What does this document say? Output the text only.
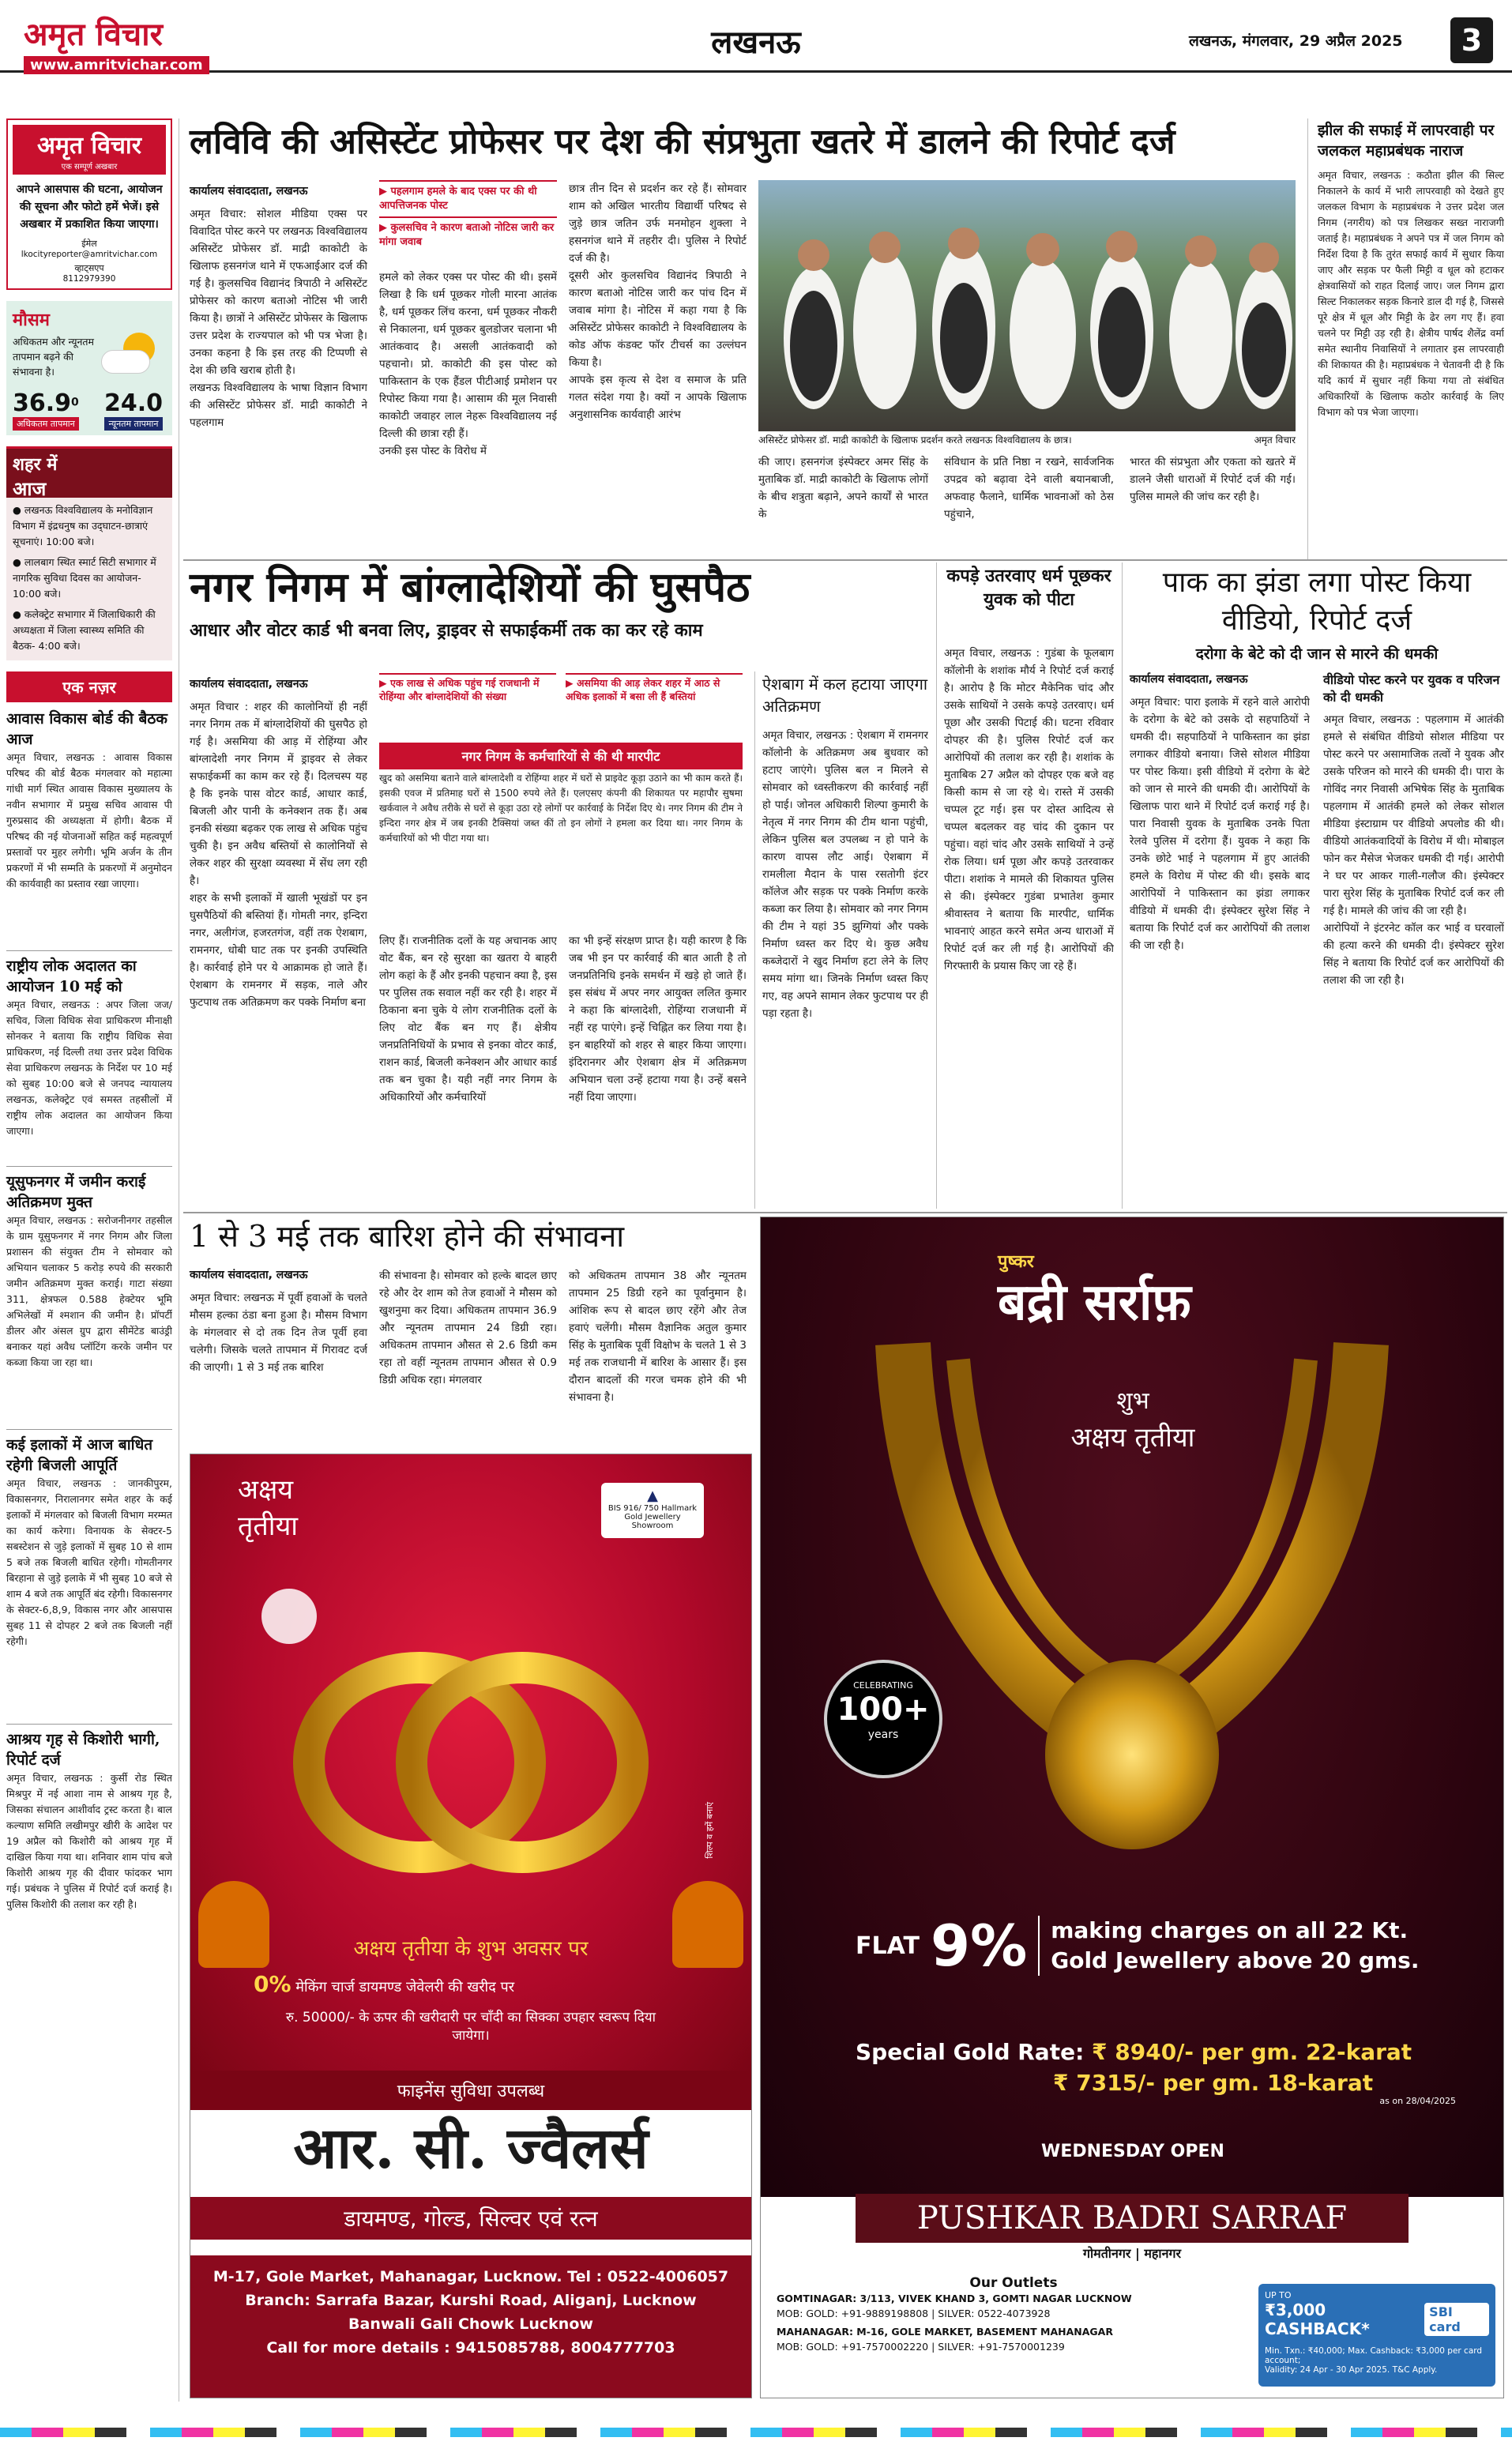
अमृत विचार
www.amritvichar.com
लखनऊ	लखनऊ, मंगलवार, 29 अप्रैल 2025	3
अमृत विचार
एक सम्पूर्ण अखबार
आपने आसपास की घटना, आयोजन की सूचना और फोटो हमें भेजें। इसे अखबार में प्रकाशित किया जाएगा।
ईमेल
lkocityreporter@amritvichar.com
व्हाट्सएप
8112979390
मौसम
अधिकतम और न्यूनतम तापमान बढ़ने की संभावना है।
36.9$^0$
अधिकतम तापमान
24.0
न्यूनतम तापमान
शहर में
आज
● लखनऊ विश्वविद्यालय के मनोविज्ञान विभाग में इंद्रधनुष का उद्‌घाटन-छात्राएं सूचनाएं। 10:00 बजे।
● लालबाग स्थित स्मार्ट सिटी सभागार में नागरिक सुविधा दिवस का आयोजन- 10:00 बजे।
● कलेक्ट्रेट सभागार में जिलाधिकारी की अध्यक्षता में जिला स्वास्थ्य समिति की बैठक- 4:00 बजे।
एक नज़र
आवास विकास बोर्ड की बैठक आज
अमृत विचार, लखनऊ : आवास विकास परिषद की बोर्ड बैठक मंगलवार को महात्मा गांधी मार्ग स्थित आवास विकास मुख्यालय के नवीन सभागार में प्रमुख सचिव आवास पी गुरुप्रसाद की अध्यक्षता में होगी। बैठक में परिषद की नई योजनाओं सहित कई महत्वपूर्ण प्रस्तावों पर मुहर लगेगी। भूमि अर्जन के तीन प्रकरणों में भी सम्मति के प्रकरणों में अनुमोदन की कार्यवाही का प्रस्ताव रखा जाएगा।
राष्ट्रीय लोक अदालत का आयोजन 10 मई को
अमृत विचार, लखनऊ : अपर जिला जज/सचिव, जिला विधिक सेवा प्राधिकरण मीनाक्षी सोनकर ने बताया कि राष्ट्रीय विधिक सेवा प्राधिकरण, नई दिल्ली तथा उत्तर प्रदेश विधिक सेवा प्राधिकरण लखनऊ के निर्देश पर 10 मई को सुबह 10:00 बजे से जनपद न्यायालय लखनऊ, कलेक्ट्रेट एवं समस्त तहसीलों में राष्ट्रीय लोक अदालत का आयोजन किया जाएगा।
यूसुफनगर में जमीन कराई अतिक्रमण मुक्त
अमृत विचार, लखनऊ : सरोजनीनगर तहसील के ग्राम यूसुफनगर में नगर निगम और जिला प्रशासन की संयुक्त टीम ने सोमवार को अभियान चलाकर 5 करोड़ रुपये की सरकारी जमीन अतिक्रमण मुक्त कराई। गाटा संख्या 311, क्षेत्रफल 0.588 हेक्टेयर भूमि अभिलेखों में श्मशान की जमीन है। प्रॉपर्टी डीलर और अंसल ग्रुप द्वारा सीमेंटेड बाउंड्री बनाकर यहां अवैध प्लॉटिंग करके जमीन पर कब्जा किया जा रहा था।
कई इलाकों में आज बाधित रहेगी बिजली आपूर्ति
अमृत विचार, लखनऊ : जानकीपुरम, विकासनगर, निरालानगर समेत शहर के कई इलाकों में मंगलवार को बिजली विभाग मरम्मत का कार्य करेगा। विनायक के सेक्टर-5 सबस्टेशन से जुड़े इलाकों में सुबह 10 से शाम 5 बजे तक बिजली बाधित रहेगी। गोमतीनगर बिरहाना से जुड़े इलाके में भी सुबह 10 बजे से शाम 4 बजे तक आपूर्ति बंद रहेगी। विकासनगर के सेक्टर-6,8,9, विकास नगर और आसपास सुबह 11 से दोपहर 2 बजे तक बिजली नहीं रहेगी।
आश्रय गृह से किशोरी भागी, रिपोर्ट दर्ज
अमृत विचार, लखनऊ : कुर्सी रोड स्थित मिश्रपुर में नई आशा नाम से आश्रय गृह है, जिसका संचालन आशीर्वाद ट्रस्ट करता है। बाल कल्याण समिति लखीमपुर खीरी के आदेश पर 19 अप्रैल को किशोरी को आश्रय गृह में दाखिल किया गया था। शनिवार शाम पांच बजे किशोरी आश्रय गृह की दीवार फांदकर भाग गई। प्रबंधक ने पुलिस में रिपोर्ट दर्ज कराई है। पुलिस किशोरी की तलाश कर रही है।
लविवि की असिस्टेंट प्रोफेसर पर देश की संप्रभुता खतरे में डालने की रिपोर्ट दर्ज
कार्यालय संवाददाता, लखनऊ
अमृत विचार: सोशल मीडिया एक्स पर विवादित पोस्ट करने पर लखनऊ विश्वविद्यालय असिस्टेंट प्रोफेसर डॉ. माद्री काकोटी के खिलाफ हसनगंज थाने में एफआईआर दर्ज की गई है। कुलसचिव विद्यानंद त्रिपाठी ने असिस्टेंट प्रोफेसर को कारण बताओ नोटिस भी जारी किया है। छात्रों ने असिस्टेंट प्रोफेसर के खिलाफ उत्तर प्रदेश के राज्यपाल को भी पत्र भेजा है। उनका कहना है कि इस तरह की टिप्पणी से देश की छवि खराब होती है।
लखनऊ विश्वविद्यालय के भाषा विज्ञान विभाग की असिस्टेंट प्रोफेसर डॉ. माद्री काकोटी ने पहलगाम
▶ पहलगाम हमले के बाद एक्स पर की थी आपत्तिजनक पोस्ट
▶ कुलसचिव ने कारण बताओ नोटिस जारी कर मांगा जवाब
हमले को लेकर एक्स पर पोस्ट की थी। इसमें लिखा है कि धर्म पूछकर गोली मारना आतंक है, धर्म पूछकर लिंच करना, धर्म पूछकर नौकरी से निकालना, धर्म पूछकर बुलडोजर चलाना भी आतंकवाद है। असली आतंकवादी को पहचानो। प्रो. काकोटी की इस पोस्ट को पाकिस्तान के एक हैंडल पीटीआई प्रमोशन पर रिपोस्ट किया गया है। आसाम की मूल निवासी काकोटी जवाहर लाल नेहरू विश्वविद्यालय नई दिल्ली की छात्रा रही हैं।
उनकी इस पोस्ट के विरोध में
छात्र तीन दिन से प्रदर्शन कर रहे हैं। सोमवार शाम को अखिल भारतीय विद्यार्थी परिषद से जुड़े छात्र जतिन उर्फ मनमोहन शुक्ला ने हसनगंज थाने में तहरीर दी। पुलिस ने रिपोर्ट दर्ज की है।
दूसरी ओर कुलसचिव विद्यानंद त्रिपाठी ने कारण बताओ नोटिस जारी कर पांच दिन में जवाब मांगा है। नोटिस में कहा गया है कि असिस्टेंट प्रोफेसर काकोटी ने विश्वविद्यालय के कोड ऑफ कंडक्ट फॉर टीचर्स का उल्लंघन किया है।
आपके इस कृत्य से देश व समाज के प्रति गलत संदेश गया है। क्यों न आपके खिलाफ अनुशासनिक कार्यवाही आरंभ
असिस्टेंट प्रोफेसर डॉ. माद्री काकोटी के खिलाफ प्रदर्शन करते लखनऊ विश्वविद्यालय के छात्र।	अमृत विचार
की जाए। हसनगंज इंस्पेक्टर अमर सिंह के मुताबिक डॉ. माद्री काकोटी के खिलाफ लोगों के बीच शत्रुता बढ़ाने, अपने कार्यों से भारत के
संविधान के प्रति निष्ठा न रखने, सार्वजनिक उपद्रव को बढ़ावा देने वाली बयानबाजी, अफवाह फैलाने, धार्मिक भावनाओं को ठेस पहुंचाने,
भारत की संप्रभुता और एकता को खतरे में डालने जैसी धाराओं में रिपोर्ट दर्ज की गई। पुलिस मामले की जांच कर रही है।
झील की सफाई में लापरवाही पर जलकल महाप्रबंधक नाराज
अमृत विचार, लखनऊ : कठौता झील की सिल्ट निकालने के कार्य में भारी लापरवाही को देखते हुए जलकल विभाग के महाप्रबंधक ने उत्तर प्रदेश जल निगम (नगरीय) को पत्र लिखकर सख्त नाराजगी जताई है। महाप्रबंधक ने अपने पत्र में जल निगम को निर्देश दिया है कि तुरंत सफाई कार्य में सुधार किया जाए और सड़क पर फैली मिट्टी व धूल को हटाकर क्षेत्रवासियों को राहत दिलाई जाए। जल निगम द्वारा सिल्ट निकालकर सड़क किनारे डाल दी गई है, जिससे पूरे क्षेत्र में धूल और मिट्टी के ढेर लग गए हैं। हवा चलने पर मिट्टी उड़ रही है। क्षेत्रीय पार्षद शैलेंद्र वर्मा समेत स्थानीय निवासियों ने लगातार इस लापरवाही की शिकायत की है। महाप्रबंधक ने चेतावनी दी है कि यदि कार्य में सुधार नहीं किया गया तो संबंधित अधिकारियों के खिलाफ कठोर कार्रवाई के लिए विभाग को पत्र भेजा जाएगा।
नगर निगम में बांग्लादेशियों की घुसपैठ
आधार और वोटर कार्ड भी बनवा लिए, ड्राइवर से सफाईकर्मी तक का कर रहे काम
कार्यालय संवाददाता, लखनऊ
अमृत विचार : शहर की कालोनियों ही नहीं नगर निगम तक में बांग्लादेशियों की घुसपैठ हो गई है। असमिया की आड़ में रोहिंग्या और बांग्लादेशी नगर निगम में ड्राइवर से लेकर सफाईकर्मी का काम कर रहे हैं। दिलचस्प यह है कि इनके पास वोटर कार्ड, आधार कार्ड, बिजली और पानी के कनेक्शन तक हैं। अब इनकी संख्या बढ़कर एक लाख से अधिक पहुंच चुकी है। इन अवैध बस्तियों से कालोनियों से लेकर शहर की सुरक्षा व्यवस्था में सेंध लग रही है।
शहर के सभी इलाकों में खाली भूखंडों पर इन घुसपैठियों की बस्तियां हैं। गोमती नगर, इन्दिरा नगर, अलीगंज, हजरतगंज, वहीं तक ऐशबाग, रामनगर, धोबी घाट तक पर इनकी उपस्थिति है। कार्रवाई होने पर ये आक्रामक हो जाते हैं। ऐशबाग के रामनगर में सड़क, नाले और फुटपाथ तक अतिक्रमण कर पक्के निर्माण बना
▶ एक लाख से अधिक पहुंच गई राजधानी में रोहिंग्या और बांग्लादेशियों की संख्या
▶ असमिया की आड़ लेकर शहर में आठ से अधिक इलाकों में बसा ली हैं बस्तियां
नगर निगम के कर्मचारियों से की थी मारपीट
खुद को असमिया बताने वाले बांग्लादेशी व रोहिंग्या शहर में घरों से प्राइवेट कूड़ा उठाने का भी काम करते हैं। इसकी एवज में प्रतिमाह घरों से 1500 रुपये लेते हैं। एलएसए कंपनी की शिकायत पर महापौर सुषमा खर्कवाल ने अवैध तरीके से घरों से कूड़ा उठा रहे लोगों पर कार्रवाई के निर्देश दिए थे। नगर निगम की टीम ने इन्दिरा नगर क्षेत्र में जब इनकी टैक्सियां जब्त कीं तो इन लोगों ने हमला कर दिया था। नगर निगम के कर्मचारियों को भी पीटा गया था।
लिए हैं। राजनीतिक दलों के यह अचानक आए वोट बैंक, बन रहे सुरक्षा का खतरा ये बाहरी लोग कहां के हैं और इनकी पहचान क्या है, इस पर पुलिस तक सवाल नहीं कर रही है। शहर में ठिकाना बना चुके ये लोग राजनीतिक दलों के लिए वोट बैंक बन गए हैं। क्षेत्रीय जनप्रतिनिधियों के प्रभाव से इनका वोटर कार्ड, राशन कार्ड, बिजली कनेक्शन और आधार कार्ड तक बन चुका है। यही नहीं नगर निगम के अधिकारियों और कर्मचारियों
का भी इन्हें संरक्षण प्राप्त है। यही कारण है कि जब भी इन पर कार्रवाई की बात आती है तो जनप्रतिनिधि इनके समर्थन में खड़े हो जाते हैं। इस संबंध में अपर नगर आयुक्त ललित कुमार ने कहा कि बांग्लादेशी, रोहिंग्या राजधानी में नहीं रह पाएंगे। इन्हें चिह्नित कर लिया गया है। इन बाहरियों को शहर से बाहर किया जाएगा। इंदिरानगर और ऐशबाग क्षेत्र में अतिक्रमण अभियान चला उन्हें हटाया गया है। उन्हें बसने नहीं दिया जाएगा।
ऐशबाग में कल हटाया जाएगा अतिक्रमण
अमृत विचार, लखनऊ : ऐशबाग में रामनगर कॉलोनी के अतिक्रमण अब बुधवार को हटाए जाएंगे। पुलिस बल न मिलने से सोमवार को ध्वस्तीकरण की कार्रवाई नहीं हो पाई। जोनल अधिकारी शिल्पा कुमारी के नेतृत्व में नगर निगम की टीम थाना पहुंची, लेकिन पुलिस बल उपलब्ध न हो पाने के कारण वापस लौट आई। ऐशबाग में रामलीला मैदान के पास रसतोगी इंटर कॉलेज और सड़क पर पक्के निर्माण करके कब्जा कर लिया है। सोमवार को नगर निगम की टीम ने यहां 35 झुग्गियां और पक्के निर्माण ध्वस्त कर दिए थे। कुछ अवैध कब्जेदारों ने खुद निर्माण हटा लेने के लिए समय मांगा था। जिनके निर्माण ध्वस्त किए गए, वह अपने सामान लेकर फुटपाथ पर ही पड़ा रहता है।
कपड़े उतरवाए धर्म पूछकर युवक को पीटा
अमृत विचार, लखनऊ : गुडंबा के फूलबाग कॉलोनी के शशांक मौर्य ने रिपोर्ट दर्ज कराई है। आरोप है कि मोटर मैकेनिक चांद और उसके साथियों ने उसके कपड़े उतरवाए। धर्म पूछा और उसकी पिटाई की। घटना रविवार दोपहर की है। पुलिस रिपोर्ट दर्ज कर आरोपियों की तलाश कर रही है। शशांक के मुताबिक 27 अप्रैल को दोपहर एक बजे वह किसी काम से जा रहे थे। रास्ते में उसकी चप्पल टूट गई। इस पर दोस्त आदित्य से चप्पल बदलकर वह चांद की दुकान पर पहुंचा। वहां चांद और उसके साथियों ने उन्हें रोक लिया। धर्म पूछा और कपड़े उतरवाकर पीटा। शशांक ने मामले की शिकायत पुलिस से की। इंस्पेक्टर गुडंबा प्रभातेश कुमार श्रीवास्तव ने बताया कि मारपीट, धार्मिक भावनाएं आहत करने समेत अन्य धाराओं में रिपोर्ट दर्ज कर ली गई है। आरोपियों की गिरफ्तारी के प्रयास किए जा रहे हैं।
पाक का झंडा लगा पोस्ट किया वीडियो, रिपोर्ट दर्ज
दरोगा के बेटे को दी जान से मारने की धमकी
कार्यालय संवाददाता, लखनऊ
अमृत विचार: पारा इलाके में रहने वाले आरोपी के दरोगा के बेटे को उसके दो सहपाठियों ने धमकी दी। सहपाठियों ने पाकिस्तान का झंडा लगाकर वीडियो बनाया। जिसे सोशल मीडिया पर पोस्ट किया। इसी वीडियो में दरोगा के बेटे को जान से मारने की धमकी दी। आरोपियों के खिलाफ पारा थाने में रिपोर्ट दर्ज कराई गई है। पारा निवासी युवक के मुताबिक उनके पिता रेलवे पुलिस में दरोगा हैं। युवक ने कहा कि उनके छोटे भाई ने पहलगाम में हुए आतंकी हमले के विरोध में पोस्ट की थी। इसके बाद आरोपियों ने पाकिस्तान का झंडा लगाकर वीडियो में धमकी दी। इंस्पेक्टर सुरेश सिंह ने बताया कि रिपोर्ट दर्ज कर आरोपियों की तलाश की जा रही है।
वीडियो पोस्ट करने पर युवक व परिजन को दी धमकी
अमृत विचार, लखनऊ : पहलगाम में आतंकी हमले से संबंधित वीडियो सोशल मीडिया पर पोस्ट करने पर असामाजिक तत्वों ने युवक और उसके परिजन को मारने की धमकी दी। पारा के गोविंद नगर निवासी अभिषेक सिंह के मुताबिक पहलगाम में आतंकी हमले को लेकर सोशल मीडिया इंस्टाग्राम पर वीडियो अपलोड की थी। वीडियो आतंकवादियों के विरोध में थी। मोबाइल फोन कर मैसेज भेजकर धमकी दी गई। आरोपी ने घर पर आकर गाली-गलौज की। इंस्पेक्टर पारा सुरेश सिंह के मुताबिक रिपोर्ट दर्ज कर ली गई है। मामले की जांच की जा रही है।
आरोपियों ने इंटरनेट कॉल कर भाई व घरवालों की हत्या करने की धमकी दी। इंस्पेक्टर सुरेश सिंह ने बताया कि रिपोर्ट दर्ज कर आरोपियों की तलाश की जा रही है।
1 से 3 मई तक बारिश होने की संभावना
कार्यालय संवाददाता, लखनऊ
अमृत विचार: लखनऊ में पूर्वी हवाओं के चलते मौसम हल्का ठंडा बना हुआ है। मौसम विभाग के मंगलवार से दो तक दिन तेज पूर्वी हवा चलेगी। जिसके चलते तापमान में गिरावट दर्ज की जाएगी। 1 से 3 मई तक बारिश
की संभावना है। सोमवार को हल्के बादल छाए रहे और देर शाम को तेज हवाओं ने मौसम को खुशनुमा कर दिया। अधिकतम तापमान 36.9 और न्यूनतम तापमान 24 डिग्री रहा। अधिकतम तापमान औसत से 2.6 डिग्री कम रहा तो वहीं न्यूनतम तापमान औसत से 0.9 डिग्री अधिक रहा। मंगलवार
को अधिकतम तापमान 38 और न्यूनतम तापमान 25 डिग्री रहने का पूर्वानुमान है। आंशिक रूप से बादल छाए रहेंगे और तेज हवाएं चलेंगी। मौसम वैज्ञानिक अतुल कुमार सिंह के मुताबिक पूर्वी विक्षोभ के चलते 1 से 3 मई तक राजधानी में बारिश के आसार हैं। इस दौरान बादलों की गरज चमक होने की भी संभावना है।
अक्षय
तृतीया
▲
BIS 916/ 750 Hallmark Gold Jewellery Showroom
शिल्प व हमें बनाएं
अक्षय तृतीया के शुभ अवसर पर
0% मेकिंग चार्ज डायमण्ड जेवेलरी की खरीद पर
रु. 50000/- के ऊपर की खरीदारी पर चाँदी का सिक्का उपहार स्वरूप दिया जायेगा।
फाइनेंस सुविधा उपलब्ध
आर. सी. ज्वैलर्स
डायमण्ड, गोल्ड, सिल्वर एवं रत्न
M-17, Gole Market, Mahanagar, Lucknow. Tel : 0522-4006057
Branch: Sarrafa Bazar, Kurshi Road, Aliganj, Lucknow
Banwali Gali Chowk Lucknow
Call for more details : 9415085788, 8004777703
पुष्कर
बद्री सर्राफ़
शुभ
अक्षय तृतीया
CELEBRATING
100+
years
FLAT 9% making charges on all 22 Kt.
Gold Jewellery above 20 gms.
Special Gold Rate: ₹ 8940/- per gm. 22-karat
₹ 7315/- per gm. 18-karat
as on 28/04/2025
WEDNESDAY OPEN
PUSHKAR BADRI SARRAF
गोमतीनगर | महानगर
Our Outlets
GOMTINAGAR: 3/113, VIVEK KHAND 3, GOMTI NAGAR LUCKNOW
MOB: GOLD: +91-9889198808 | SILVER: 0522-4073928
MAHANAGAR: M-16, GOLE MARKET, BASEMENT MAHANAGAR
MOB: GOLD: +91-7570002220 | SILVER: +91-7570001239
UP TO
₹3,000 CASHBACK*
SBI card
Min. Txn.: ₹40,000; Max. Cashback: ₹3,000 per card account;
Validity: 24 Apr - 30 Apr 2025. T&C Apply.
